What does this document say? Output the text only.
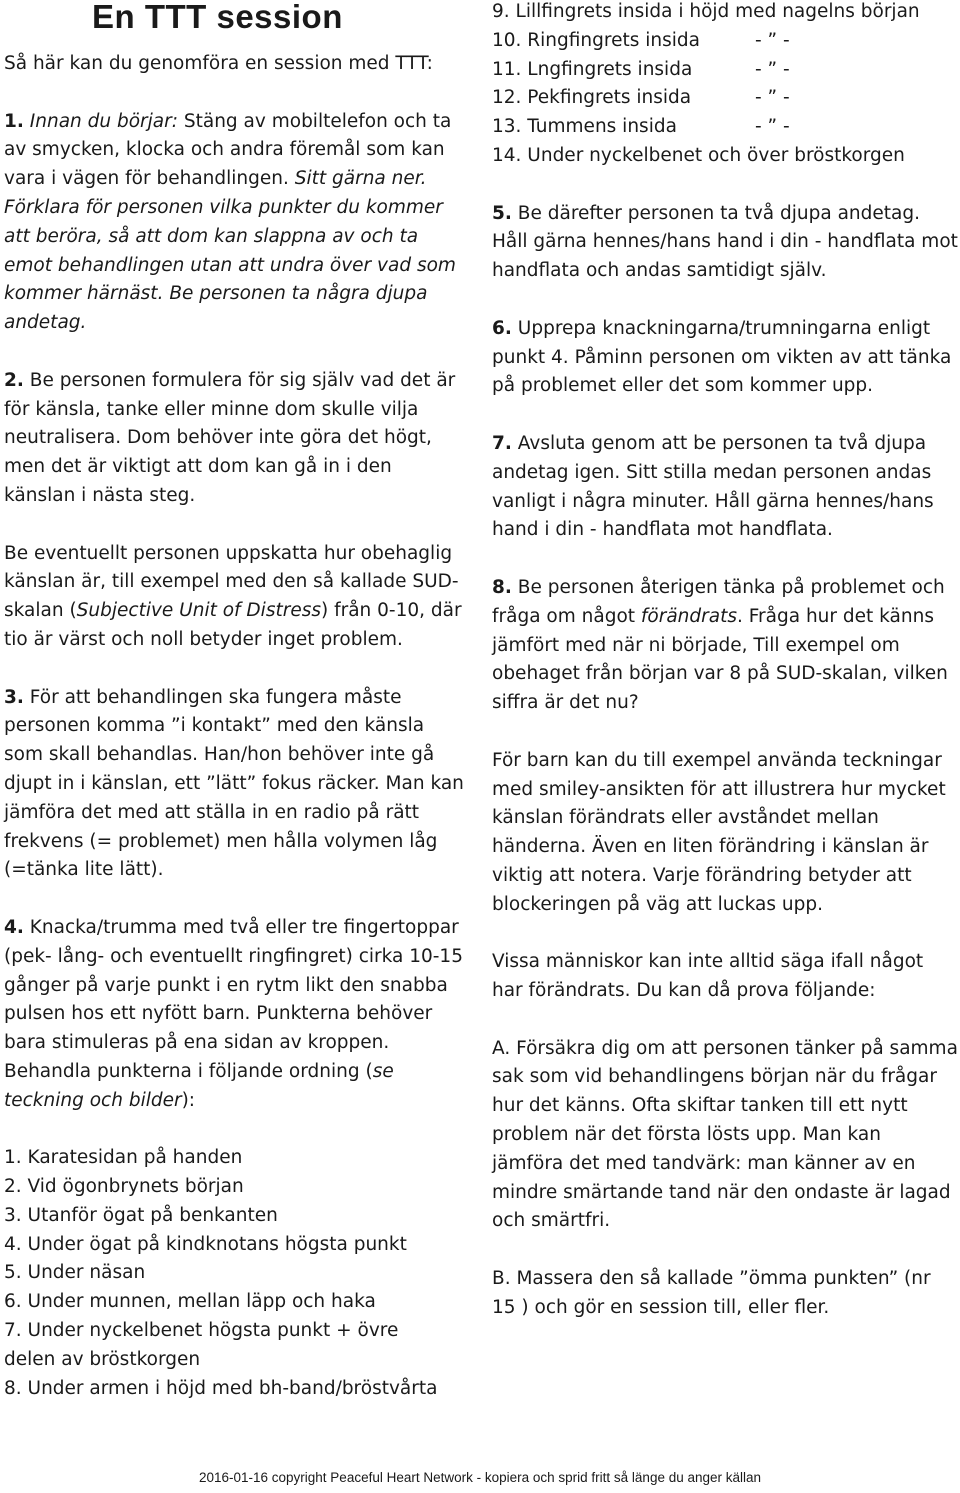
En TTT session

Så här kan du genomföra en session med TTT:

1. Innan du börjar: Stäng av mobiltelefon och ta av smycken, klocka och andra föremål som kan vara i vägen för behandlingen. Sitt gärna ner. Förklara för personen vilka punkter du kommer att beröra, så att dom kan slappna av och ta emot behandlingen utan att undra över vad som kommer härnäst. Be personen ta några djupa andetag.

2. Be personen formulera för sig själv vad det är för känsla, tanke eller minne dom skulle vilja neutralisera. Dom behöver inte göra det högt, men det är viktigt att dom kan gå in i den känslan i nästa steg.

Be eventuellt personen uppskatta hur obehaglig känslan är, till exempel med den så kallade SUD-skalan (Subjective Unit of Distress) från 0-10, där tio är värst och noll betyder inget problem.

3. För att behandlingen ska fungera måste personen komma ”i kontakt” med den känsla som skall behandlas. Han/hon behöver inte gå djupt in i känslan, ett ”lätt” fokus räcker. Man kan jämföra det med att ställa in en radio på rätt frekvens (= problemet) men hålla volymen låg (=tänka lite lätt).

4. Knacka/trumma med två eller tre fingertoppar (pek- lång- och eventuellt ringfingret) cirka 10-15 gånger på varje punkt i en rytm likt den snabba pulsen hos ett nyfött barn. Punkterna behöver bara stimuleras på ena sidan av kroppen. Behandla punkterna i följande ordning (se teckning och bilder):

1. Karatesidan på handen
2. Vid ögonbrynets början
3. Utanför ögat på benkanten
4. Under ögat på kindknotans högsta punkt
5. Under näsan
6. Under munnen, mellan läpp och haka
7. Under nyckelbenet högsta punkt + övre
delen av bröstkorgen
8. Under armen i höjd med bh-band/bröstvårta
9. Lillfingrets insida i höjd med nagelns början
10. Ringfingrets insida	- ” -
11. Lngfingrets insida	- ” -
12. Pekfingrets insida	- ” -
13. Tummens insida	- ” -
14. Under nyckelbenet och över bröstkorgen

5. Be därefter personen ta två djupa andetag. Håll gärna hennes/hans hand i din - handflata mot handflata och andas samtidigt själv.

6. Upprepa knackningarna/trumningarna enligt punkt 4. Påminn personen om vikten av att tänka på problemet eller det som kommer upp.

7. Avsluta genom att be personen ta två djupa andetag igen. Sitt stilla medan personen andas vanligt i några minuter. Håll gärna hennes/hans hand i din - handflata mot handflata.

8. Be personen återigen tänka på problemet och fråga om något förändrats. Fråga hur det känns jämfört med när ni började, Till exempel om obehaget från början var 8 på SUD-skalan, vilken siffra är det nu?

För barn kan du till exempel använda teckningar med smiley-ansikten för att illustrera hur mycket känslan förändrats eller avståndet mellan händerna. Även en liten förändring i känslan är viktig att notera. Varje förändring betyder att blockeringen på väg att luckas upp.

Vissa människor kan inte alltid säga ifall något har förändrats. Du kan då prova följande:

A. Försäkra dig om att personen tänker på samma sak som vid behandlingens början när du frågar hur det känns. Ofta skiftar tanken till ett nytt problem när det första lösts upp. Man kan jämföra det med tandvärk: man känner av en mindre smärtande tand när den ondaste är lagad och smärtfri.

B. Massera den så kallade ”ömma punkten” (nr 15 ) och gör en session till, eller fler.

2016-01-16 copyright Peaceful Heart Network - kopiera och sprid fritt så länge du anger källan
